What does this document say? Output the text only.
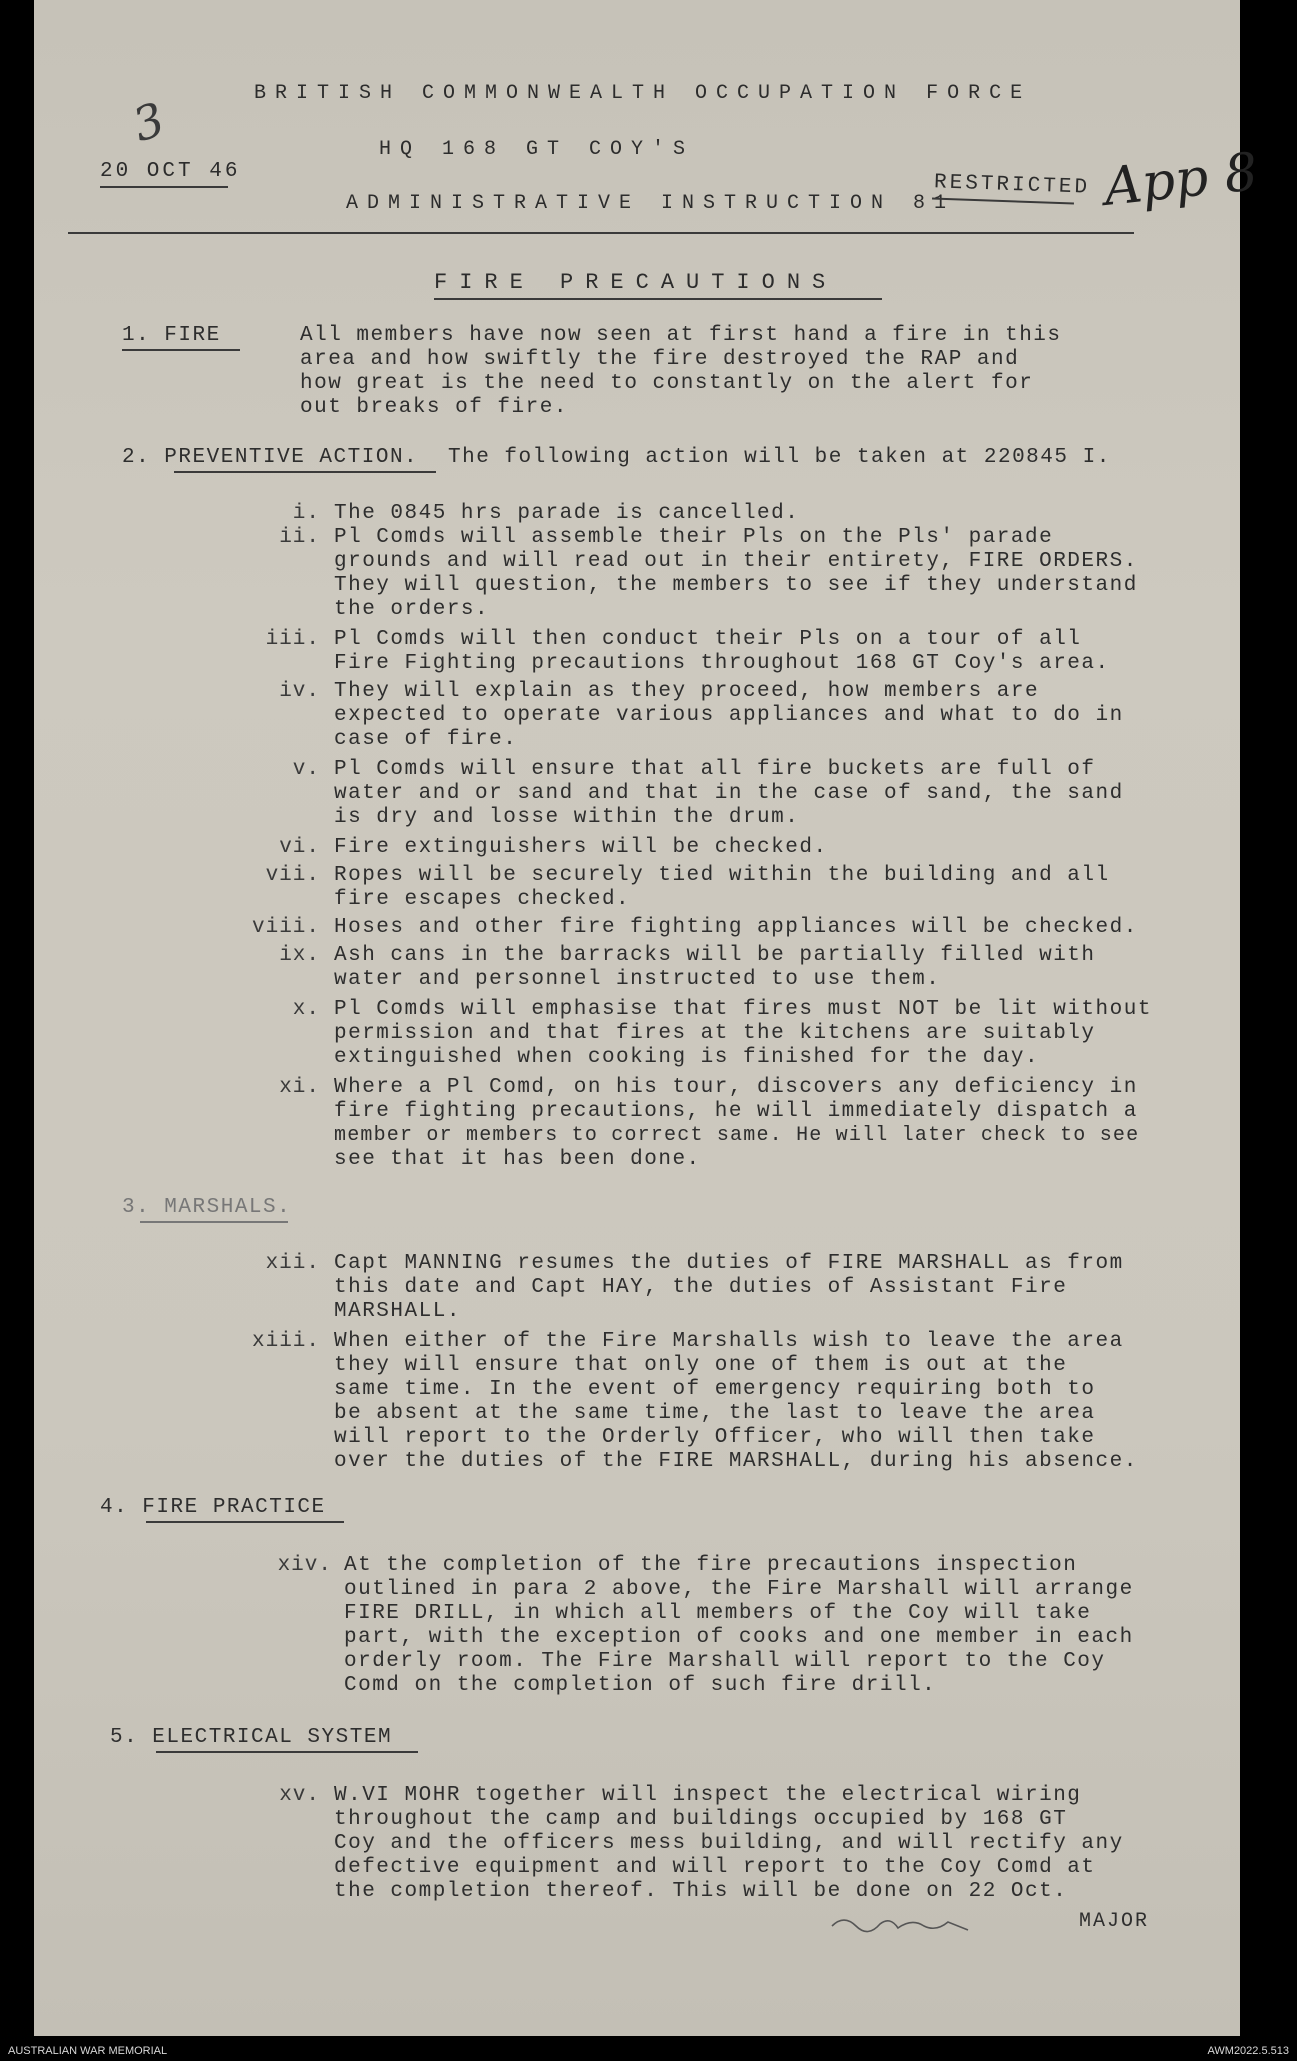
3	BRITISH COMMONWEALTH OCCUPATION FORCE
HQ 168 GT COY'S
20 OCT 46
ADMINISTRATIVE INSTRUCTION 81
RESTRICTED App 8
FIRE PRECAUTIONS
1. FIRE	All members have now seen at first hand a fire in this
area and how swiftly the fire destroyed the RAP and
how great is the need to constantly on the alert for
out breaks of fire.
2. PREVENTIVE ACTION. The following action will be taken at 220845 I.
i. The 0845 hrs parade is cancelled.
ii. Pl Comds will assemble their Pls on the Pls' parade
grounds and will read out in their entirety, FIRE ORDERS.
They will question, the members to see if they understand
the orders.
iii. Pl Comds will then conduct their Pls on a tour of all
Fire Fighting precautions throughout 168 GT Coy's area.
iv. They will explain as they proceed, how members are
expected to operate various appliances and what to do in
case of fire.
v. Pl Comds will ensure that all fire buckets are full of
water and or sand and that in the case of sand, the sand
is dry and losse within the drum.
vi. Fire extinguishers will be checked.
vii. Ropes will be securely tied within the building and all
fire escapes checked.
viii. Hoses and other fire fighting appliances will be checked.
ix. Ash cans in the barracks will be partially filled with
water and personnel instructed to use them.
x. Pl Comds will emphasise that fires must NOT be lit without
permission and that fires at the kitchens are suitably
extinguished when cooking is finished for the day.
xi. Where a Pl Comd, on his tour, discovers any deficiency in
fire fighting precautions, he will immediately dispatch a
member or members to correct same. He will later check to see
see that it has been done.
3. MARSHALS.
xii. Capt MANNING resumes the duties of FIRE MARSHALL as from
this date and Capt HAY, the duties of Assistant Fire
MARSHALL.
xiii. When either of the Fire Marshalls wish to leave the area
they will ensure that only one of them is out at the
same time. In the event of emergency requiring both to
be absent at the same time, the last to leave the area
will report to the Orderly Officer, who will then take
over the duties of the FIRE MARSHALL, during his absence.
4. FIRE PRACTICE
xiv. At the completion of the fire precautions inspection
outlined in para 2 above, the Fire Marshall will arrange
FIRE DRILL, in which all members of the Coy will take
part, with the exception of cooks and one member in each
orderly room. The Fire Marshall will report to the Coy
Comd on the completion of such fire drill.
5. ELECTRICAL SYSTEM
xv. W.VI MOHR together will inspect the electrical wiring
throughout the camp and buildings occupied by 168 GT
Coy and the officers mess building, and will rectify any
defective equipment and will report to the Coy Comd at
the completion thereof. This will be done on 22 Oct.
MAJOR
AUSTRALIAN WAR MEMORIAL	AWM2022.5.513
